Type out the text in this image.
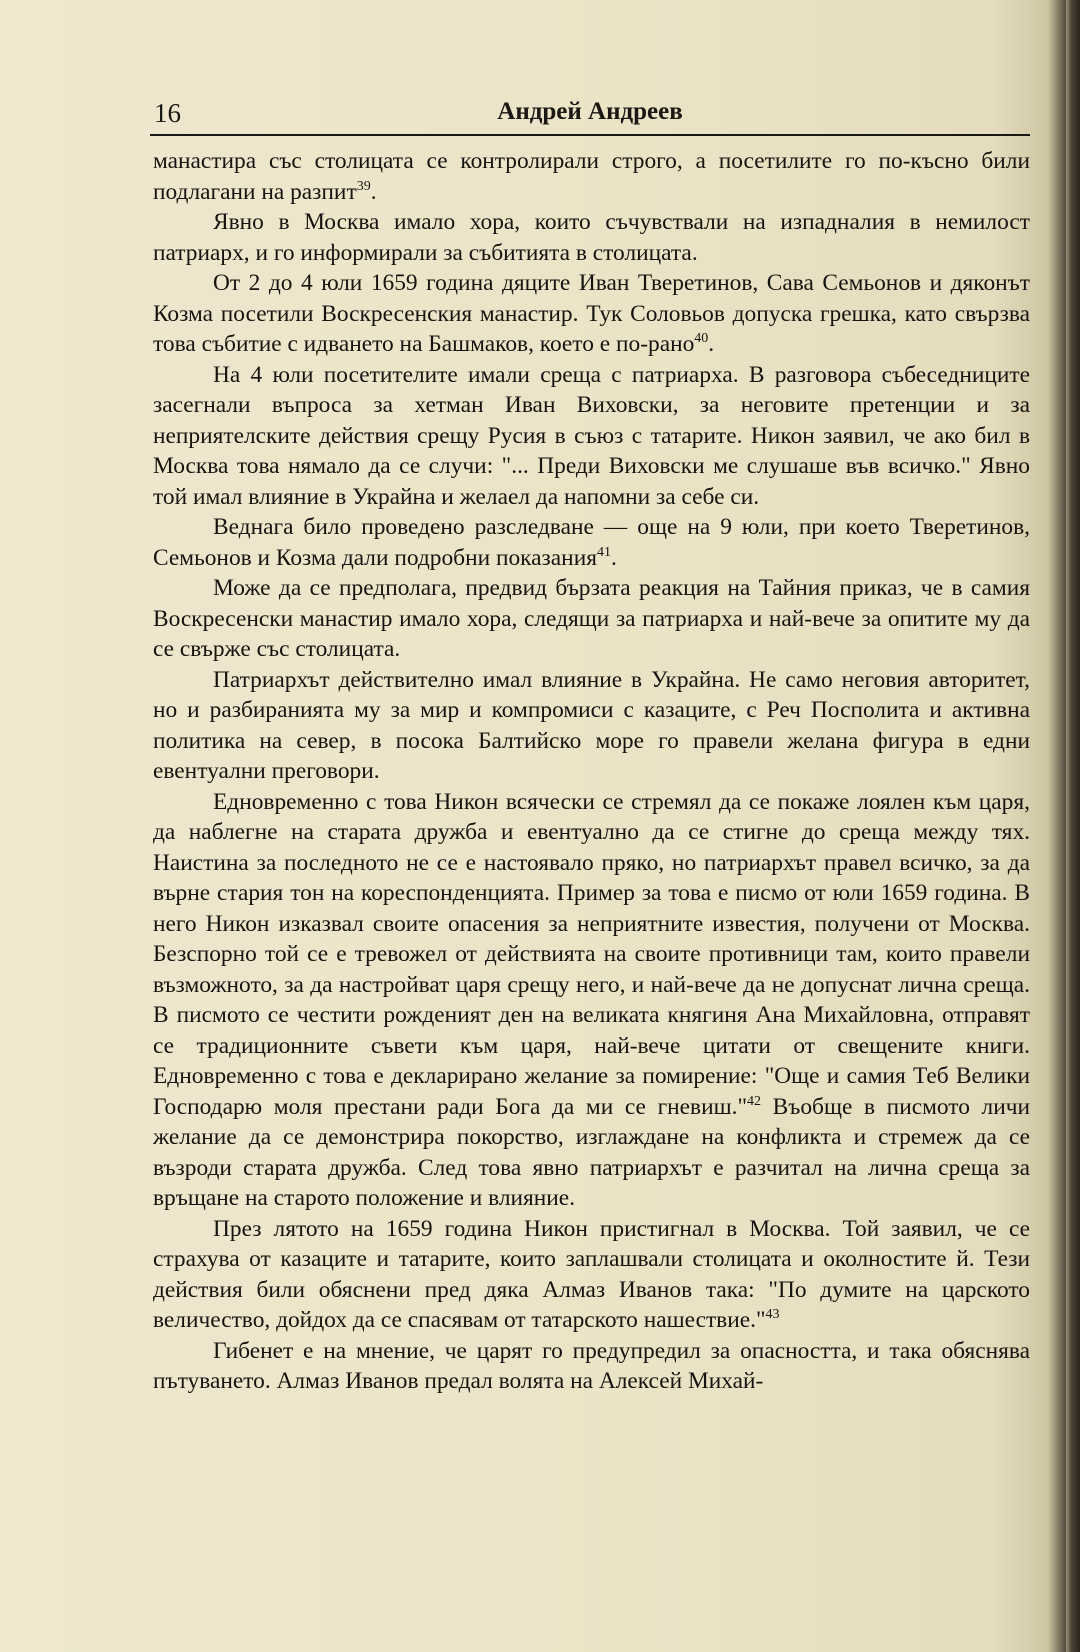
16	Андрей Андреев

манастира със столицата се контролирали строго, а посетилите го по-късно били подлагани на разпит$^{39}$.

Явно в Москва имало хора, които съчувствали на изпадналия в немилост патриарх, и го информирали за събитията в столицата.

От 2 до 4 юли 1659 година дяците Иван Тверетинов, Сава Семьонов и дяконът Козма посетили Воскресенския манастир. Тук Соловьов допуска грешка, като свързва това събитие с идването на Башмаков, което е по-рано$^{40}$.

На 4 юли посетителите имали среща с патриарха. В разговора събеседниците засегнали въпроса за хетман Иван Виховски, за неговите претенции и за неприятелските действия срещу Русия в съюз с татарите. Никон заявил, че ако бил в Москва това нямало да се случи: "... Преди Виховски ме слушаше във всичко." Явно той имал влияние в Украйна и желаел да напомни за себе си.

Веднага било проведено разследване — още на 9 юли, при което Тверетинов, Семьонов и Козма дали подробни показания$^{41}$.

Може да се предполага, предвид бързата реакция на Тайния приказ, че в самия Воскресенски манастир имало хора, следящи за патриарха и най-вече за опитите му да се свърже със столицата.

Патриархът действително имал влияние в Украйна. Не само неговия авторитет, но и разбиранията му за мир и компромиси с казаците, с Реч Посполита и активна политика на север, в посока Балтийско море го правели желана фигура в едни евентуални преговори.

Едновременно с това Никон всячески се стремял да се покаже лоялен към царя, да наблегне на старата дружба и евентуално да се стигне до среща между тях. Наистина за последното не се е настоявало пряко, но патриархът правел всичко, за да върне стария тон на кореспонденцията. Пример за това е писмо от юли 1659 година. В него Никон изказвал своите опасения за неприятните известия, получени от Москва. Безспорно той се е тревожел от действията на своите противници там, които правели възможното, за да настройват царя срещу него, и най-вече да не допуснат лична среща. В писмото се честити рожденият ден на великата княгиня Ана Михайловна, отправят се традиционните съвети към царя, най-вече цитати от свещените книги. Едновременно с това е декларирано желание за помирение: "Още и самия Теб Велики Господарю моля престани ради Бога да ми се гневиш."$^{42}$ Въобще в писмото личи желание да се демонстрира покорство, изглаждане на конфликта и стремеж да се възроди старата дружба. След това явно патриархът е разчитал на лична среща за връщане на старото положение и влияние.

През лятото на 1659 година Никон пристигнал в Москва. Той заявил, че се страхува от казаците и татарите, които заплашвали столицата и околностите й. Тези действия били обяснени пред дяка Алмаз Иванов така: "По думите на царското величество, дойдох да се спасявам от татарското нашествие."$^{43}$

Гибенет е на мнение, че царят го предупредил за опасността, и така обяснява пътуването. Алмаз Иванов предал волята на Алексей Михай-
